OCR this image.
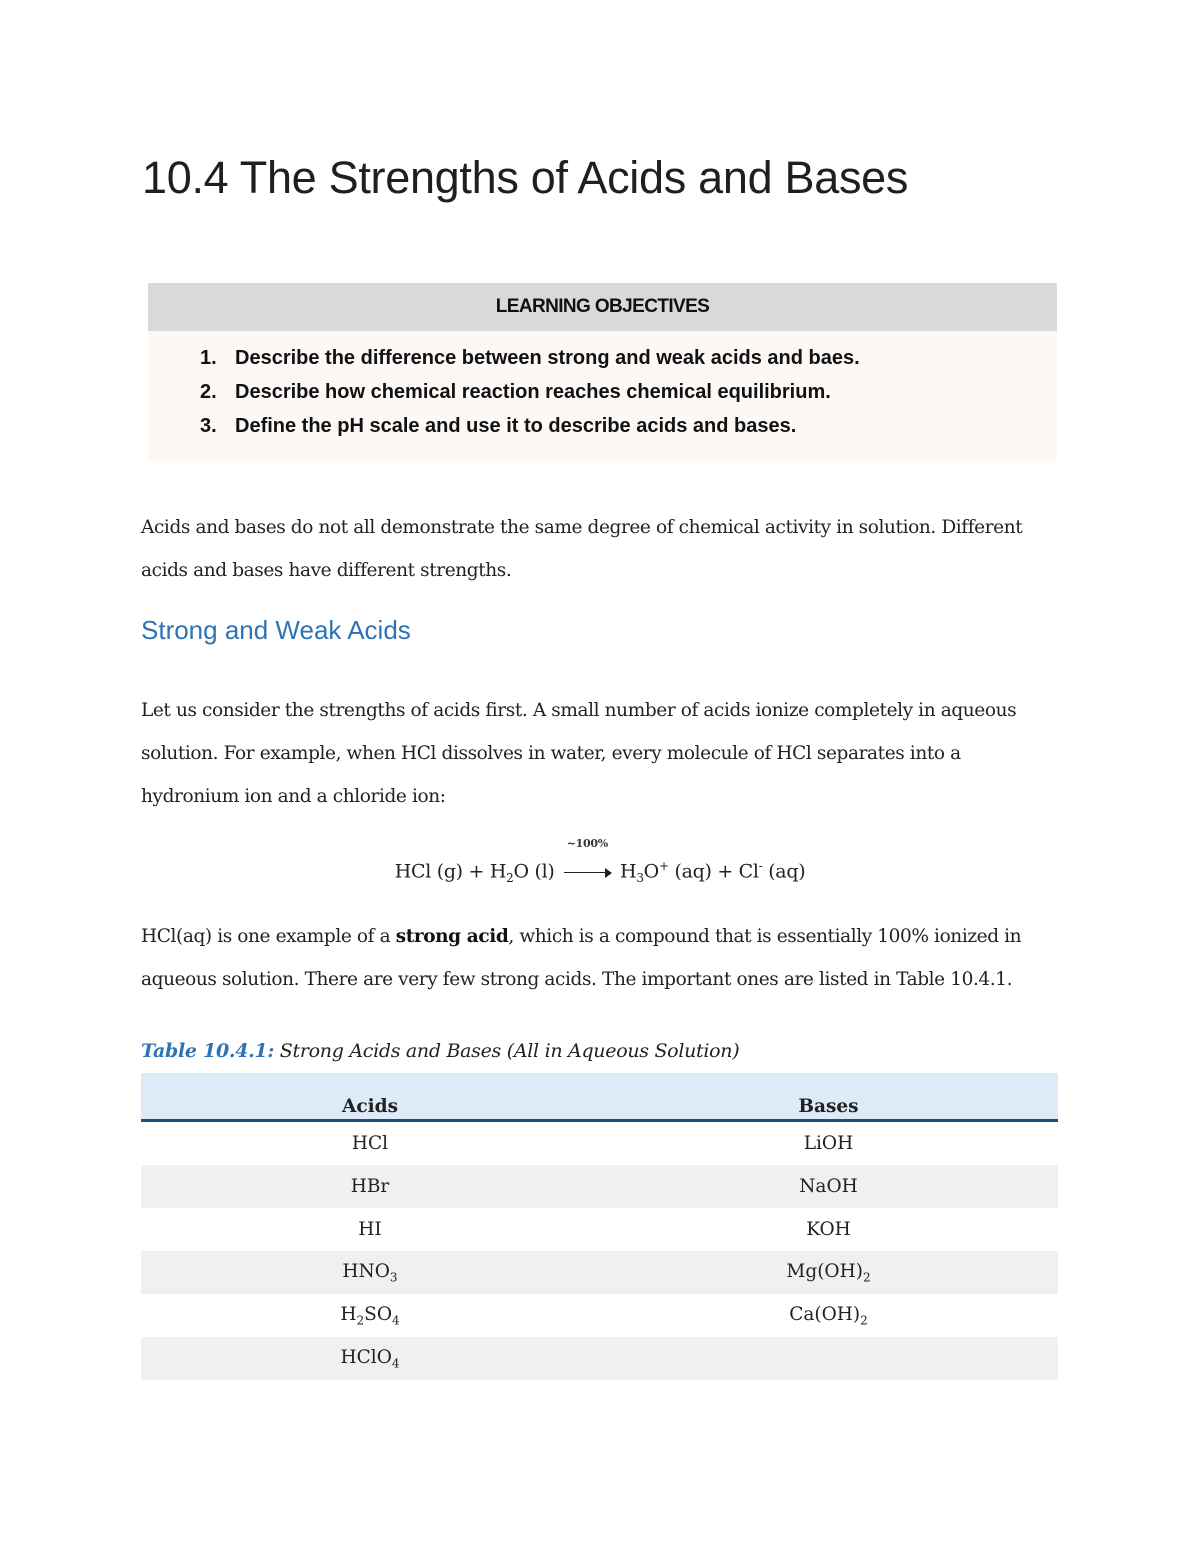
10.4 The Strengths of Acids and Bases
LEARNING OBJECTIVES
1. Describe the difference between strong and weak acids and baes.
2. Describe how chemical reaction reaches chemical equilibrium.
3. Define the pH scale and use it to describe acids and bases.

Acids and bases do not all demonstrate the same degree of chemical activity in solution. Different acids and bases have different strengths.

Strong and Weak Acids

Let us consider the strengths of acids first. A small number of acids ionize completely in aqueous solution. For example, when HCl dissolves in water, every molecule of HCl separates into a hydronium ion and a chloride ion:

HCl $(g) + H_2O$ (l)
~100%
$H_3O^+$ (aq) + Cl- (aq)

HCl(aq) is one example of a strong acid, which is a compound that is essentially 100% ionized in aqueous solution. There are very few strong acids. The important ones are listed in Table 10.4.1.

Table 10.4.1: Strong Acids and Bases (All in Aqueous Solution)

Acids	Bases
HCl	LiOH
HBr	NaOH
HI	KOH
$HNO_3$	$Mg(OH)_2$
$H_2SO_4$	$Ca(OH)_2$
HClO$_4$	
